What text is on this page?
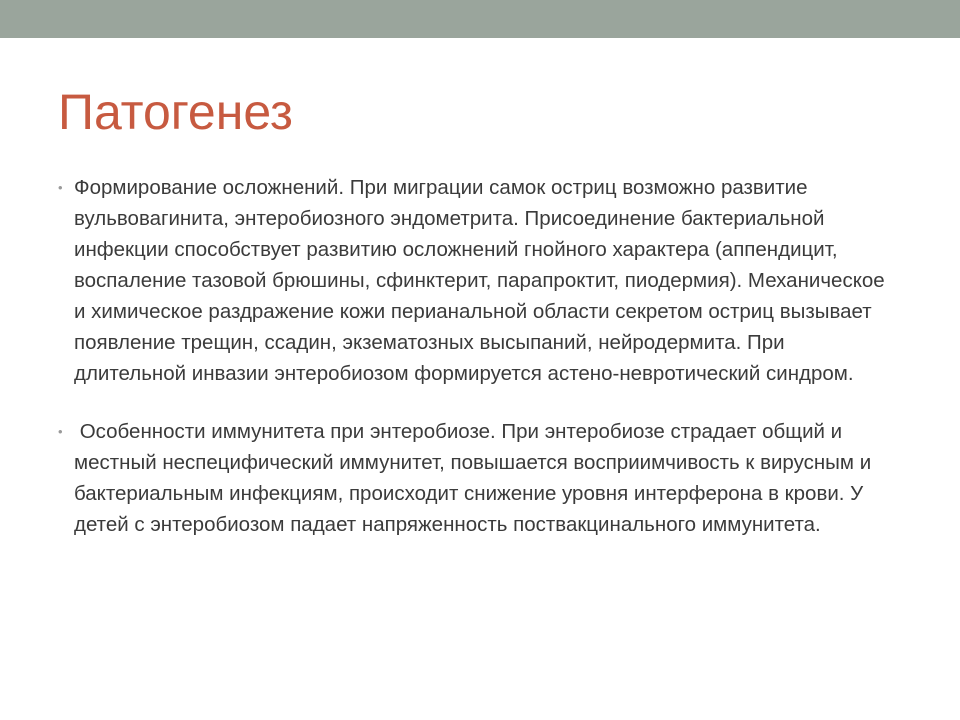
Патогенез
• Формирование осложнений. При миграции самок остриц возможно развитие вульвовагинита, энтеробиозного эндометрита. Присоединение бактериальной инфекции способствует развитию осложнений гнойного характера (аппендицит, воспаление тазовой брюшины, сфинктерит, парапроктит, пиодермия). Механическое и химическое раздражение кожи перианальной области секретом остриц вызывает появление трещин, ссадин, экзематозных высыпаний, нейродермита. При длительной инвазии энтеробиозом формируется астено-невротический синдром.
• Особенности иммунитета при энтеробиозе. При энтеробиозе страдает общий и местный неспецифический иммунитет, повышается восприимчивость к вирусным и бактериальным инфекциям, происходит снижение уровня интерферона в крови. У детей с энтеробиозом падает напряженность поствакцинального иммунитета.
